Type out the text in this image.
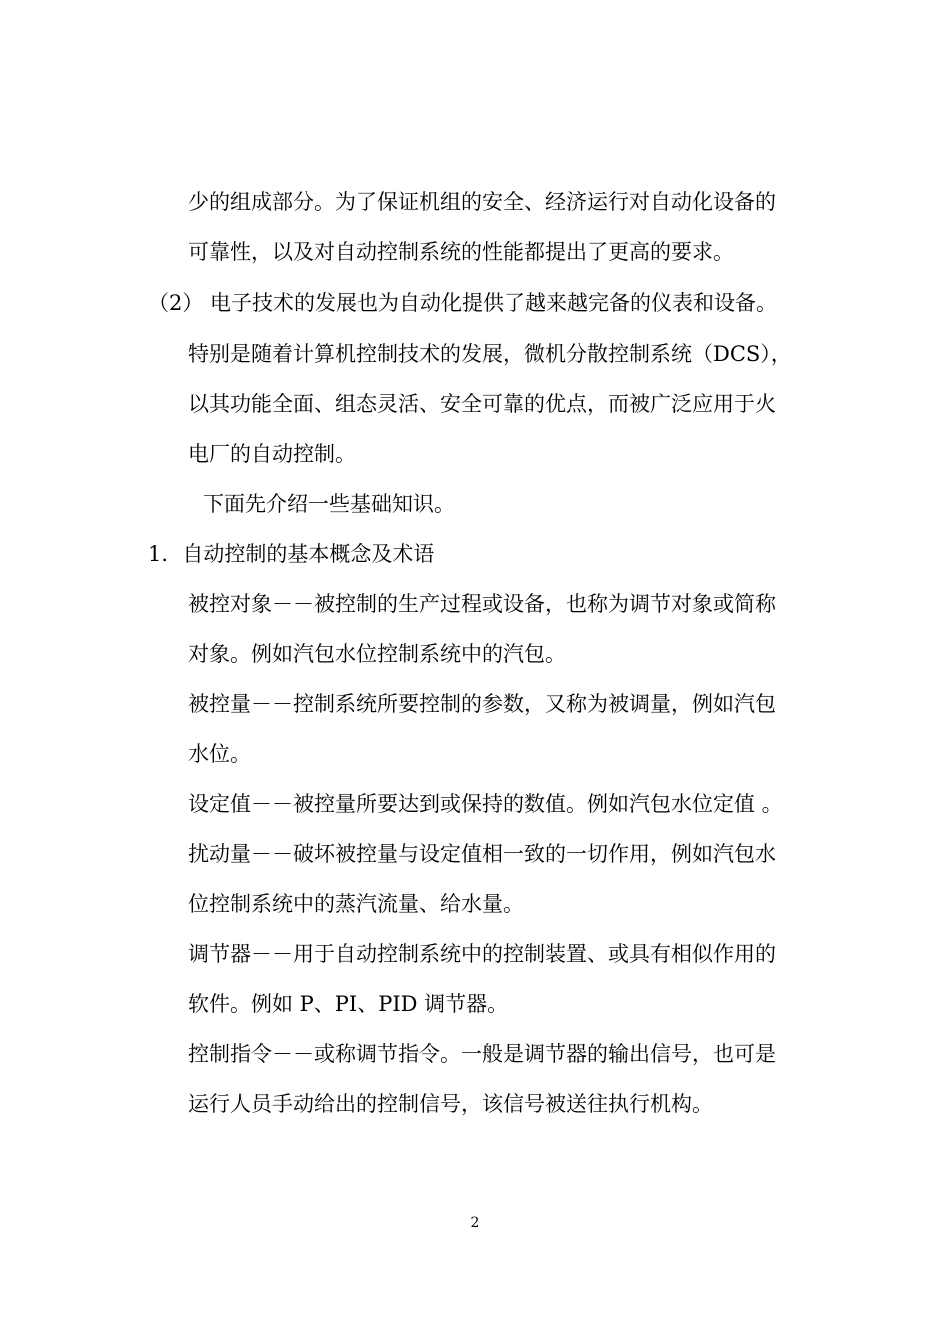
少的组成部分。为了保证机组的安全、经济运行对自动化设备的
可靠性，以及对自动控制系统的性能都提出了更高的要求。
（2） 电子技术的发展也为自动化提供了越来越完备的仪表和设备。
特别是随着计算机控制技术的发展，微机分散控制系统（DCS），
以其功能全面、组态灵活、安全可靠的优点，而被广泛应用于火
电厂的自动控制。
下面先介绍一些基础知识。
1．自动控制的基本概念及术语
被控对象－－被控制的生产过程或设备，也称为调节对象或简称
对象。例如汽包水位控制系统中的汽包。
被控量－－控制系统所要控制的参数，又称为被调量，例如汽包
水位。
设定值－－被控量所要达到或保持的数值。例如汽包水位定值 。
扰动量－－破坏被控量与设定值相一致的一切作用，例如汽包水
位控制系统中的蒸汽流量、给水量。
调节器－－用于自动控制系统中的控制装置、或具有相似作用的
软件。例如 P、PI、PID 调节器。
控制指令－－或称调节指令。一般是调节器的输出信号，也可是
运行人员手动给出的控制信号，该信号被送往执行机构。
2
